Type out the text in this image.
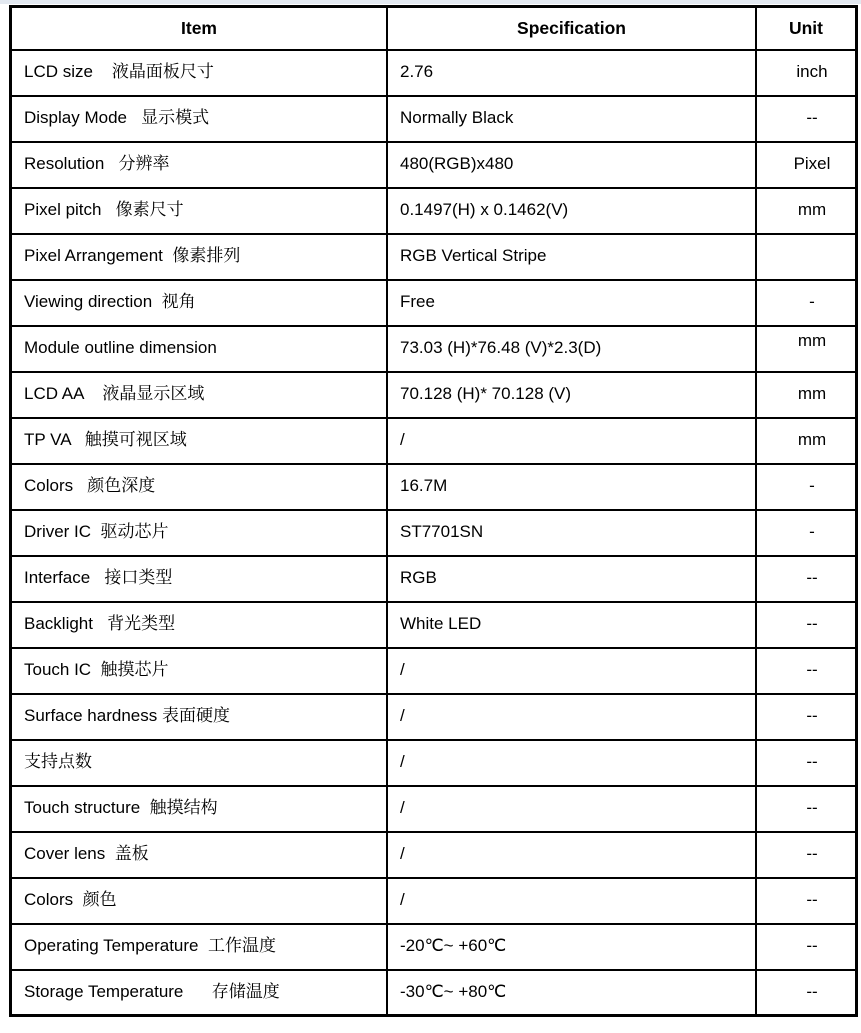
Item	Specification	Unit
LCD size    液晶面板尺寸	2.76	inch
Display Mode   显示模式	Normally Black	--
Resolution   分辨率	480(RGB)x480	Pixel
Pixel pitch   像素尺寸	0.1497(H) x 0.1462(V)	mm
Pixel Arrangement  像素排列	RGB Vertical Stripe	
Viewing direction  视角	Free	-
Module outline dimension	73.03 (H)*76.48 (V)*2.3(D)	mm
LCD AA    液晶显示区域	70.128 (H)* 70.128 (V)	mm
TP VA   触摸可视区域	/	mm
Colors   颜色深度	16.7M	-
Driver IC  驱动芯片	ST7701SN	-
Interface   接口类型	RGB	--
Backlight   背光类型	White LED	--
Touch IC  触摸芯片	/	--
Surface hardness 表面硬度	/	--
支持点数	/	--
Touch structure  触摸结构	/	--
Cover lens  盖板	/	--
Colors  颜色	/	--
Operating Temperature  工作温度	-20℃~ +60℃	--
Storage Temperature      存储温度	-30℃~ +80℃	--
